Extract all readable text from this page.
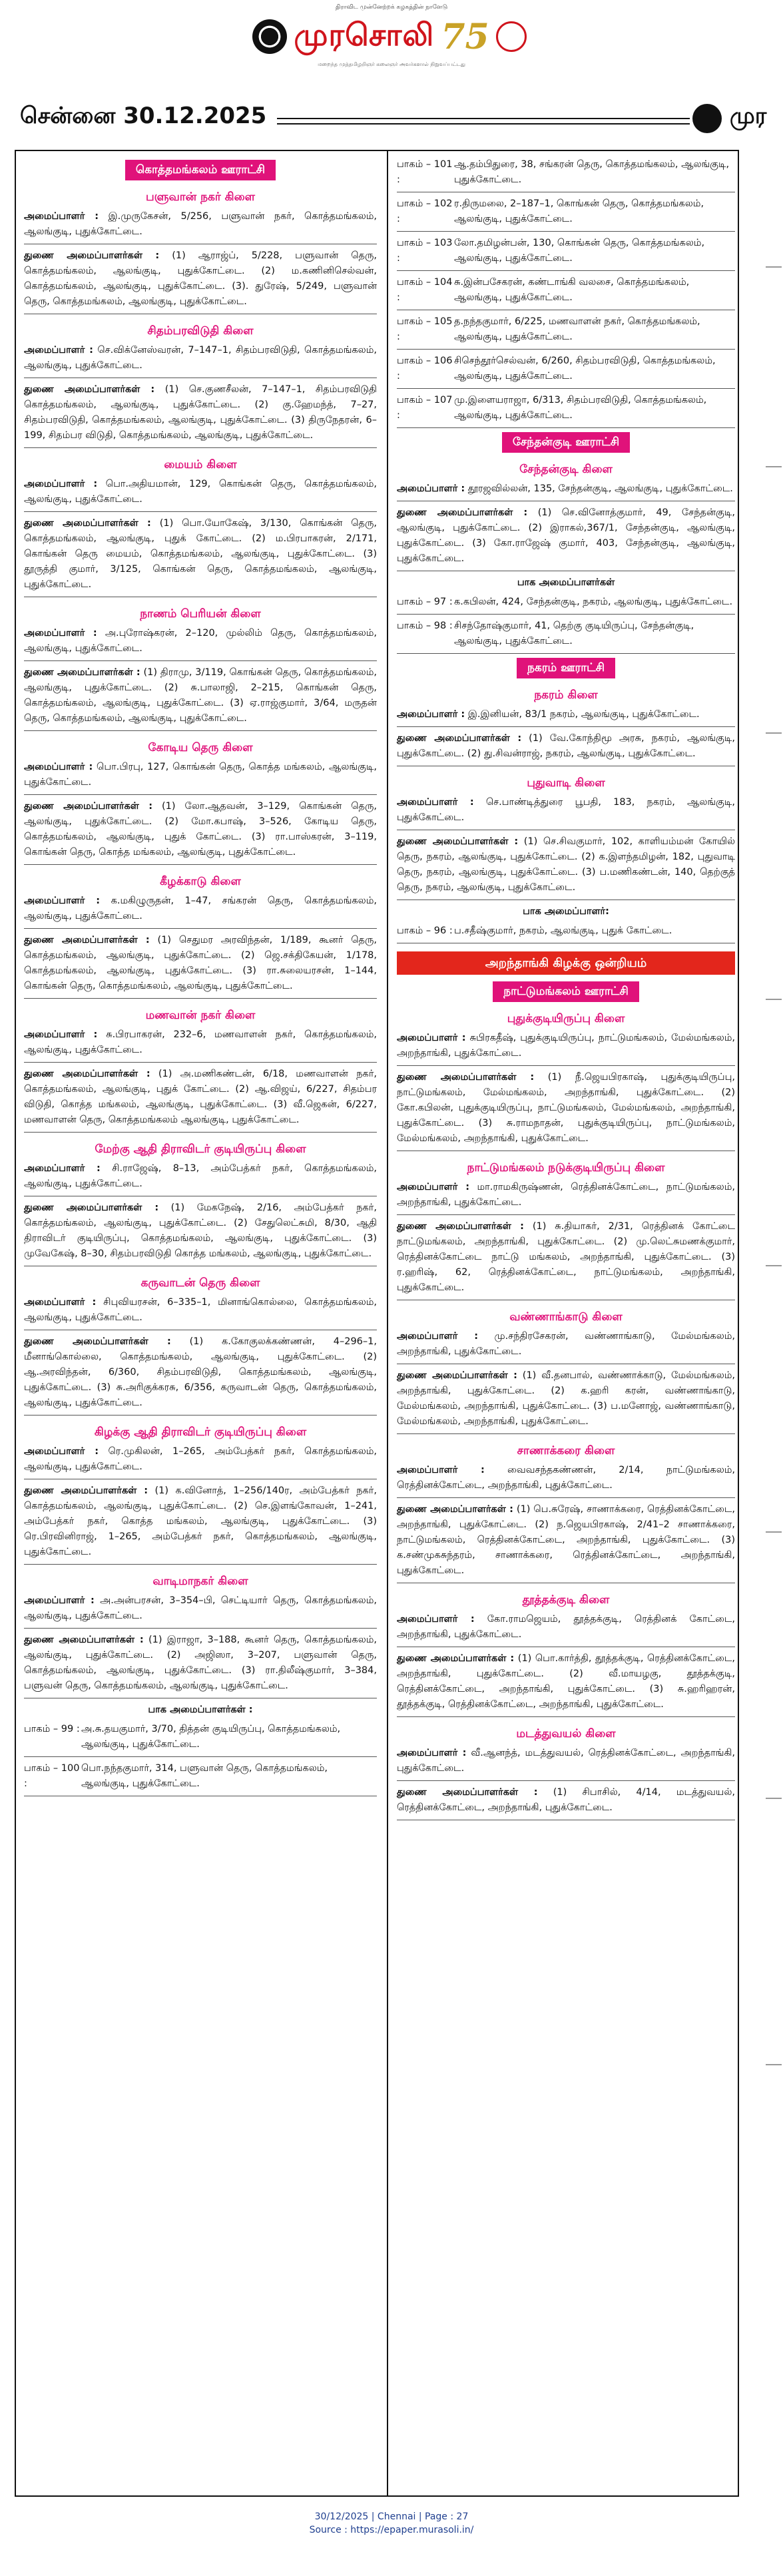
திராவிட முன்னேற்றக் கழகத்தின் நாளேடு
முரசொலி 75
மறைந்த முத்தமிழறிஞர் கலைஞர் அவர்களால் நிறுவப்பட்டது
சென்னை 30.12.2025	முர
கொத்தமங்கலம் ஊராட்சி
பளுவான் நகர் கிளை
அமைப்பாளர் : இ.முருகேசன், 5/256, பளுவான் நகர், கொத்தமங்கலம், ஆலங்குடி, புதுக்கோட்டை.
துணை அமைப்பாளர்கள் : (1) ஆராஜ்ப், 5/228, பளுவான் தெரு, கொத்தமங்கலம், ஆலங்குடி, புதுக்கோட்டை. (2) ம.கணினிசெல்வன், கொத்தமங்கலம், ஆலங்குடி, புதுக்கோட்டை. (3). துரேஷ், 5/249, பளுவான் தெரு, கொத்தமங்கலம், ஆலங்குடி, புதுக்கோட்டை.
சிதம்பரவிடுதி கிளை
அமைப்பாளர் : செ.விக்னேஸ்வரன், 7–147–1, சிதம்பரவிடுதி, கொத்தமங்கலம், ஆலங்குடி, புதுக்கோட்டை.
துணை அமைப்பாளர்கள் : (1) செ.குணசீலன், 7–147–1, சிதம்பரவிடுதி கொத்தமங்கலம், ஆலங்குடி, புதுக்கோட்டை. (2) கு.ஹேமந்த், 7–27, சிதம்பரவிடுதி, கொத்தமங்கலம், ஆலங்குடி, புதுக்கோட்டை. (3) திருநேதரன், 6–199, சிதம்பர விடுதி, கொத்தமங்கலம், ஆலங்குடி, புதுக்கோட்டை.
மையம் கிளை
அமைப்பாளர் : பொ.அதியமான், 129, கொங்கன் தெரு, கொத்தமங்கலம், ஆலங்குடி, புதுக்கோட்டை.
துணை அமைப்பாளர்கள் : (1) பொ.யோகேஷ், 3/130, கொங்கன் தெரு, கொத்தமங்கலம், ஆலங்குடி, புதுக் கோட்டை. (2) ம.பிரபாகரன், 2/171, கொங்கன் தெரு மையம், கொத்தமங்கலம், ஆலங்குடி, புதுக்கோட்டை. (3) தூருத்தி குமார், 3/125, கொங்கன் தெரு, கொத்தமங்கலம், ஆலங்குடி, புதுக்கோட்டை.
நாணம் பெரியன் கிளை
அமைப்பாளர் : அ.புரோஷ்கரன், 2–120, முல்லிம் தெரு, கொத்தமங்கலம், ஆலங்குடி, புதுக்கோட்டை.
துணை அமைப்பாளர்கள் : (1) திராமு, 3/119, கொங்கன் தெரு, கொத்தமங்கலம், ஆலங்குடி, புதுக்கோட்டை. (2) சு.பாலாஜி, 2–215, கொங்கன் தெரு, கொத்தமங்கலம், ஆலங்குடி, புதுக்கோட்டை. (3) ஏ.ராஜ்குமார், 3/64, மருதன் தெரு, கொத்தமங்கலம், ஆலங்குடி, புதுக்கோட்டை.
கோடிய தெரு கிளை
அமைப்பாளர் : பொ.பிரபு, 127, கொங்கன் தெரு, கொத்த மங்கலம், ஆலங்குடி, புதுக்கோட்டை.
துணை அமைப்பாளர்கள் : (1) லோ.ஆதவன், 3–129, கொங்கன் தெரு, ஆலங்குடி, புதுக்கோட்டை. (2) மோ.கபாஷ், 3–526, கோடிய தெரு, கொத்தமங்கலம், ஆலங்குடி, புதுக் கோட்டை. (3) ரா.பாஸ்கரன், 3–119, கொங்கன் தெரு, கொத்த மங்கலம், ஆலங்குடி, புதுக்கோட்டை.
கீழக்காடு கிளை
அமைப்பாளர் : க.மகிழுருதன், 1–47, சங்கரன் தெரு, கொத்தமங்கலம், ஆலங்குடி, புதுக்கோட்டை.
துணை அமைப்பாளர்கள் : (1) செதுமர அரவிந்தன், 1/189, கூனர் தெரு, கொத்தமங்கலம், ஆலங்குடி, புதுக்கோட்டை. (2) ஜெ.சக்திகேயன், 1/178, கொத்தமங்கலம், ஆலங்குடி, புதுக்கோட்டை. (3) ரா.சுலையரசன், 1–144, கொங்கன் தெரு, கொத்தமங்கலம், ஆலங்குடி, புதுக்கோட்டை.
மணவான் நகர் கிளை
அமைப்பாளர் : சு.பிரபாகரன், 232–6, மணவாளன் நகர், கொத்தமங்கலம், ஆலங்குடி, புதுக்கோட்டை.
துணை அமைப்பாளர்கள் : (1) அ.மணிகண்டன், 6/18, மணவாளன் நகர், கொத்தமங்கலம், ஆலங்குடி, புதுக் கோட்டை. (2) ஆ.விஜய், 6/227, சிதம்பர விடுதி, கொத்த மங்கலம், ஆலங்குடி, புதுக்கோட்டை. (3) வீ.ஜெகன், 6/227, மணவாளன் தெரு, கொத்தமங்கலம் ஆலங்குடி, புதுக்கோட்டை.
மேற்கு ஆதி திராவிடர் குடியிருப்பு கிளை
அமைப்பாளர் : சி.ராஜேஷ், 8–13, அம்பேத்கர் நகர், கொத்தமங்கலம், ஆலங்குடி, புதுக்கோட்டை.
துணை அமைப்பாளர்கள் : (1) மேகநேஷ், 2/16, அம்பேத்கர் நகர், கொத்தமங்கலம், ஆலங்குடி, புதுக்கோட்டை. (2) சேதுலெட்சுமி, 8/30, ஆதி திராவிடர் குடியிருப்பு, கொத்தமங்கலம், ஆலங்குடி, புதுக்கோட்டை. (3) முவேகேஷ், 8–30, சிதம்பரவிடுதி கொத்த மங்கலம், ஆலங்குடி, புதுக்கோட்டை.
கருவாடன் தெரு கிளை
அமைப்பாளர் : சிபுவியரசன், 6–335–1, மினாங்கொல்லை, கொத்தமங்கலம், ஆலங்குடி, புதுக்கோட்டை.
துணை அமைப்பாளர்கள் : (1) க.கோகுலக்கண்ணன், 4–296–1, மீனாங்கொல்லை, கொத்தமங்கலம், ஆலங்குடி, புதுக்கோட்டை. (2) ஆ.அரவிந்தன், 6/360, சிதம்பரவிடுதி, கொத்தமங்கலம், ஆலங்குடி, புதுக்கோட்டை. (3) சு.அரிகுக்கரசு, 6/356, கருவாடன் தெரு, கொத்தமங்கலம், ஆலங்குடி, புதுக்கோட்டை.
கிழக்கு ஆதி திராவிடர் குடியிருப்பு கிளை
அமைப்பாளர் : ரெ.முகிலன், 1–265, அம்பேத்கர் நகர், கொத்தமங்கலம், ஆலங்குடி, புதுக்கோட்டை.
துணை அமைப்பாளர்கள் : (1) க.வினோத், 1–256/140ர, அம்பேத்கர் நகர், கொத்தமங்கலம், ஆலங்குடி, புதுக்கோட்டை. (2) செ.இளங்கோவன், 1–241, அம்பேத்கர் நகர், கொத்த மங்கலம், ஆலங்குடி, புதுக்கோட்டை. (3) ரெ.பிரவினிராஜ், 1–265, அம்பேத்கர் நகர், கொத்தமங்கலம், ஆலங்குடி, புதுக்கோட்டை.
வாடிமாநகர் கிளை
அமைப்பாளர் : அ.அன்பரசன், 3–354–பி, செட்டியார் தெரு, கொத்தமங்கலம், ஆலங்குடி, புதுக்கோட்டை.
துணை அமைப்பாளர்கள் : (1) இராஜா, 3–188, கூனர் தெரு, கொத்தமங்கலம், ஆலங்குடி, புதுக்கோட்டை. (2) அஜிஸா, 3–207, பளுவான் தெரு, கொத்தமங்கலம், ஆலங்குடி, புதுக்கோட்டை. (3) ரா.திலீஷ்குமார், 3–384, பளுவன் தெரு, கொத்தமங்கலம், ஆலங்குடி, புதுக்கோட்டை.
பாக அமைப்பாளர்கள் :
பாகம் – 99 : அ.சு.தயகுமார், 3/70, தித்தன் குடியிருப்பு, கொத்தமங்கலம், ஆலங்குடி, புதுக்கோட்டை.
பாகம் – 100 :
பொ.நந்தகுமார், 314, பளுவான் தெரு, கொத்தமங்கலம், ஆலங்குடி, புதுக்கோட்டை.
பாகம் – 101 :
ஆ.தம்பிதுரை, 38, சங்கரன் தெரு, கொத்தமங்கலம், ஆலங்குடி, புதுக்கோட்டை.
பாகம் – 102 :
ர.திருமலை, 2–187–1, கொங்கன் தெரு, கொத்தமங்கலம், ஆலங்குடி, புதுக்கோட்டை.
பாகம் – 103 :
லோ.தமிழன்பன், 130, கொங்கன் தெரு, கொத்தமங்கலம், ஆலங்குடி, புதுக்கோட்டை.
பாகம் – 104 :
சு.இன்பசேகரன், கண்டாங்கி வலசை, கொத்தமங்கலம், ஆலங்குடி, புதுக்கோட்டை.
பாகம் – 105 :
த.நந்தகுமார், 6/225, மணவாளன் நகர், கொத்தமங்கலம், ஆலங்குடி, புதுக்கோட்டை.
பாகம் – 106 :
சிசெந்தூர்செல்வன், 6/260, சிதம்பரவிடுதி, கொத்தமங்கலம், ஆலங்குடி, புதுக்கோட்டை.
பாகம் – 107 :
மு.இளையராஜா, 6/313, சிதம்பரவிடுதி, கொத்தமங்கலம், ஆலங்குடி, புதுக்கோட்டை.
சேந்தன்குடி ஊராட்சி
சேந்தன்குடி கிளை
அமைப்பாளர் : தூரஜவில்லன், 135, சேந்தன்குடி, ஆலங்குடி, புதுக்கோட்டை.
துணை அமைப்பாளர்கள் : (1) செ.வினோத்குமார், 49, சேந்தன்குடி, ஆலங்குடி, புதுக்கோட்டை. (2) இராகல்,367/1, சேந்தன்குடி, ஆலங்குடி, புதுக்கோட்டை. (3) கோ.ராஜேஷ் குமார், 403, சேந்தன்குடி, ஆலங்குடி, புதுக்கோட்டை.
பாக அமைப்பாளர்கள்
பாகம் – 97 : க.கபிலன், 424, சேந்தன்குடி, நகரம், ஆலங்குடி, புதுக்கோட்டை.
பாகம் – 98 : சிசந்தோஷ்குமார், 41, தெற்கு குடியிருப்பு, சேந்தன்குடி, ஆலங்குடி, புதுக்கோட்டை.
நகரம் ஊராட்சி
நகரம் கிளை
அமைப்பாளர் : இ.இனியன், 83/1 நகரம், ஆலங்குடி, புதுக்கோட்டை.
துணை அமைப்பாளர்கள் : (1) வே.கோந்திமூ அரசு, நகரம், ஆலங்குடி, புதுக்கோட்டை. (2) து.சிவன்ராஜ், நகரம், ஆலங்குடி, புதுக்கோட்டை.
புதுவாடி கிளை
அமைப்பாளர் : செ.பாண்டித்துரை பூபதி, 183, நகரம், ஆலங்குடி, புதுக்கோட்டை.
துணை அமைப்பாளர்கள் : (1) செ.சிவகுமார், 102, காளியம்மன் கோயில் தெரு, நகரம், ஆலங்குடி, புதுக்கோட்டை. (2) க.இளந்தமிழன், 182, புதுவாடி தெரு, நகரம், ஆலங்குடி, புதுக்கோட்டை. (3) ப.மணிகண்டன், 140, தெற்குத் தெரு, நகரம், ஆலங்குடி, புதுக்கோட்டை.
பாக அமைப்பாளர்:
பாகம் – 96 : ப.சதீஷ்குமார், நகரம், ஆலங்குடி, புதுக் கோட்டை.
அறந்தாங்கி கிழக்கு ஒன்றியம்
நாட்டுமங்கலம் ஊராட்சி
புதுக்குடியிருப்பு கிளை
அமைப்பாளர் : சுபிரகதீஷ், புதுக்குடியிருப்பு, நாட்டுமங்கலம், மேல்மங்கலம், அறந்தாங்கி, புதுக்கோட்டை.
துணை அமைப்பாளர்கள் : (1) நீ.ஜெயபிரகாஷ், புதுக்குடியிருப்பு, நாட்டுமங்கலம், மேல்மங்கலம், அறந்தாங்கி, புதுக்கோட்டை. (2) கோ.கபிலன், புதுக்குடியிருப்பு, நாட்டுமங்கலம், மேல்மங்கலம், அறந்தாங்கி, புதுக்கோட்டை. (3) சு.ராமநாதன், புதுக்குடியிருப்பு, நாட்டுமங்கலம், மேல்மங்கலம், அறந்தாங்கி, புதுக்கோட்டை.
நாட்டுமங்கலம் நடுக்குடியிருப்பு கிளை
அமைப்பாளர் : மா.ராமகிருஷ்ணன், ரெத்தினக்கோட்டை, நாட்டுமங்கலம், அறந்தாங்கி, புதுக்கோட்டை.
துணை அமைப்பாளர்கள் : (1) சு.தியாகர், 2/31, ரெத்தினக் கோட்டை நாட்டுமங்கலம், அறந்தாங்கி, புதுக்கோட்டை. (2) மு.லெட்சுமணக்குமார், ரெத்தினக்கோட்டை நாட்டு மங்கலம், அறந்தாங்கி, புதுக்கோட்டை. (3) ர.ஹரிஷ், 62, ரெத்தினக்கோட்டை, நாட்டுமங்கலம், அறந்தாங்கி, புதுக்கோட்டை.
வண்ணாங்காடு கிளை
அமைப்பாளர் : மு.சந்திரசேகரன், வண்ணாங்காடு, மேல்மங்கலம், அறந்தாங்கி, புதுக்கோட்டை.
துணை அமைப்பாளர்கள் : (1) வீ.தனபால், வண்ணாக்காடு, மேல்மங்கலம், அறந்தாங்கி, புதுக்கோட்டை. (2) க.ஹரி கரன், வண்ணாங்காடு, மேல்மங்கலம், அறந்தாங்கி, புதுக்கோட்டை. (3) ப.மனோஜ், வண்ணாங்காடு, மேல்மங்கலம், அறந்தாங்கி, புதுக்கோட்டை.
சாணாக்கரை கிளை
அமைப்பாளர் : வைவசந்தகண்ணன், 2/14, நாட்டுமங்கலம், ரெத்தினக்கோட்டை, அறந்தாங்கி, புதுக்கோட்டை.
துணை அமைப்பாளர்கள் : (1) பெ.சுரேஷ், சாணாக்கரை, ரெத்தினக்கோட்டை, அறந்தாங்கி, புதுக்கோட்டை. (2) ந.ஜெயபிரகாஷ், 2/41–2 சாணாக்கரை, நாட்டுமங்கலம், ரெத்தினக்கோட்டை, அறந்தாங்கி, புதுக்கோட்டை. (3) க.சண்முகசுந்தரம், சாணாக்கரை, ரெத்தினக்கோட்டை, அறந்தாங்கி, புதுக்கோட்டை.
தூத்தக்குடி கிளை
அமைப்பாளர் : கோ.ராமஜெயம், தூத்தக்குடி, ரெத்தினக் கோட்டை, அறந்தாங்கி, புதுக்கோட்டை.
துணை அமைப்பாளர்கள் : (1) பொ.கார்த்தி, தூத்தக்குடி, ரெத்தினக்கோட்டை, அறந்தாங்கி, புதுக்கோட்டை. (2) வீ.மாயழகு, தூத்தக்குடி, ரெத்தினக்கோட்டை, அறந்தாங்கி, புதுக்கோட்டை. (3) சு.ஹரிஹரன், தூத்தக்குடி, ரெத்தினக்கோட்டை, அறந்தாங்கி, புதுக்கோட்டை.
மடத்துவயல் கிளை
அமைப்பாளர் : வீ.ஆனந்த், மடத்துவயல், ரெத்தினக்கோட்டை, அறந்தாங்கி, புதுக்கோட்டை.
துணை அமைப்பாளர்கள் : (1) சிபாசில், 4/14, மடத்துவயல், ரெத்தினக்கோட்டை, அறந்தாங்கி, புதுக்கோட்டை.
30/12/2025 | Chennai | Page : 27
Source : https://epaper.murasoli.in/
